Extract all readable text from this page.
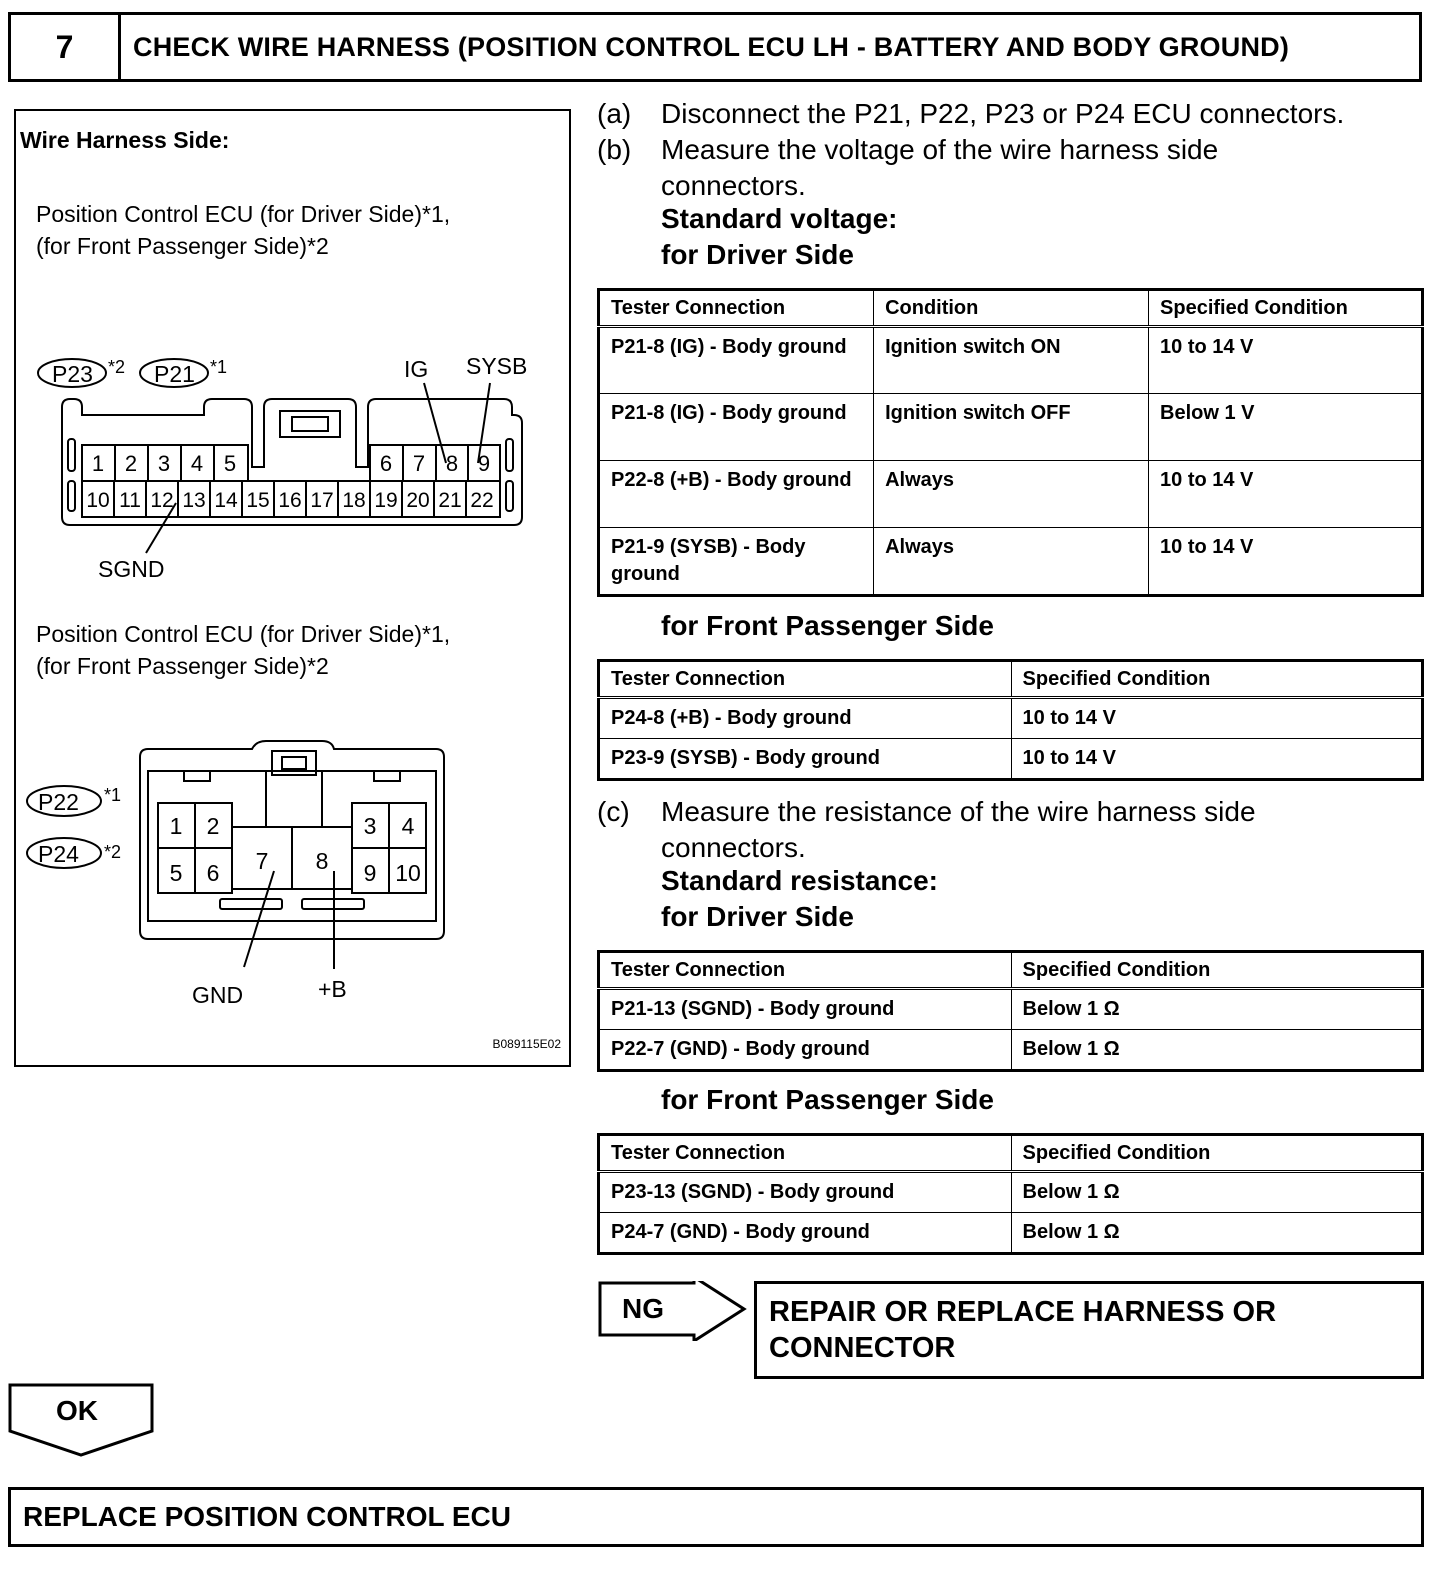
7	CHECK WIRE HARNESS (POSITION CONTROL ECU LH - BATTERY AND BODY GROUND)
Wire Harness Side:
Position Control ECU (for Driver Side)*1,
(for Front Passenger Side)*2
P23 *2 P21 *1	IG SYSB
SGND
1 2 3 4 5	6 7 8 9
10 11 12 13 14 15 16 17 18 19 20 21 22
P22 *1
P24 *2
GND	+B
1 2	3 4
5 6 7 8 9 10
Position Control ECU (for Driver Side)*1,
(for Front Passenger Side)*2
B089115E02
(a) Disconnect the P21, P22, P23 or P24 ECU connectors.
(b) Measure the voltage of the wire harness side
connectors.
Standard voltage:
for Driver Side
Tester Connection	Condition	Specified Condition
P21-8 (IG) - Body ground	Ignition switch ON	10 to 14 V
P21-8 (IG) - Body ground	Ignition switch OFF	Below 1 V
P22-8 (+B) - Body ground	Always	10 to 14 V
P21-9 (SYSB) - Body ground	Always	10 to 14 V
for Front Passenger Side
Tester Connection	Specified Condition
P24-8 (+B) - Body ground	10 to 14 V
P23-9 (SYSB) - Body ground	10 to 14 V
(c) Measure the resistance of the wire harness side
connectors.
Standard resistance:
for Driver Side
Tester Connection	Specified Condition
P21-13 (SGND) - Body ground	Below 1 Ω
P22-7 (GND) - Body ground	Below 1 Ω
for Front Passenger Side
Tester Connection	Specified Condition
P23-13 (SGND) - Body ground	Below 1 Ω
P24-7 (GND) - Body ground	Below 1 Ω
NG	REPAIR OR REPLACE HARNESS OR
CONNECTOR
OK
REPLACE POSITION CONTROL ECU
